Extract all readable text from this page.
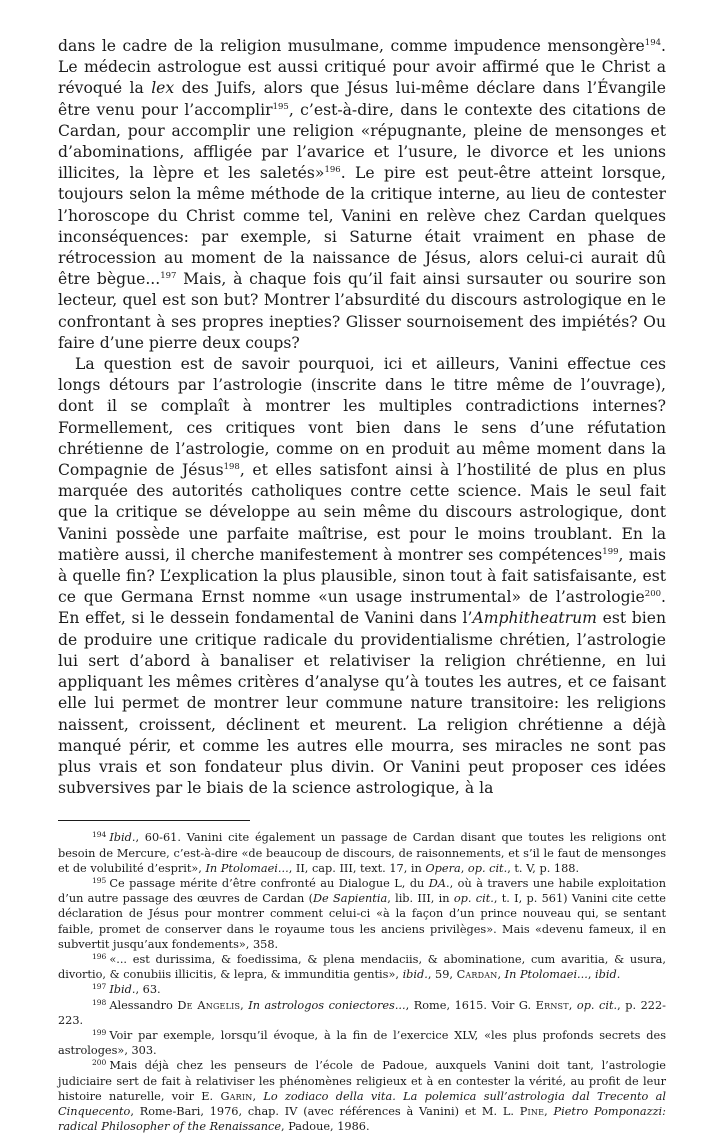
dans le cadre de la religion musulmane, comme impudence mensongère$^{194}$. Le médecin astrologue est aussi critiqué pour avoir affirmé que le Christ a révoqué la lex des Juifs, alors que Jésus lui-même déclare dans l’Évangile être venu pour l’accomplir$^{195}$, c’est-à-dire, dans le contexte des citations de Cardan, pour accomplir une religion «répugnante, pleine de mensonges et d’abominations, affligée par l’avarice et l’usure, le divorce et les unions illicites, la lèpre et les saletés»$^{196}$. Le pire est peut-être atteint lorsque, toujours selon la même méthode de la critique interne, au lieu de contester l’horoscope du Christ comme tel, Vanini en relève chez Cardan quelques inconséquences: par exemple, si Saturne était vraiment en phase de rétrocession au moment de la naissance de Jésus, alors celui-ci aurait dû être bègue...$^{197}$ Mais, à chaque fois qu’il fait ainsi sursauter ou sourire son lecteur, quel est son but? Montrer l’absurdité du discours astrologique en le confrontant à ses propres inepties? Glisser sournoisement des impiétés? Ou faire d’une pierre deux coups?

La question est de savoir pourquoi, ici et ailleurs, Vanini effectue ces longs détours par l’astrologie (inscrite dans le titre même de l’ouvrage), dont il se complaît à montrer les multiples contradictions internes? Formellement, ces critiques vont bien dans le sens d’une réfutation chrétienne de l’astrologie, comme on en produit au même moment dans la Compagnie de Jésus$^{198}$, et elles satisfont ainsi à l’hostilité de plus en plus marquée des autorités catholiques contre cette science. Mais le seul fait que la critique se développe au sein même du discours astrologique, dont Vanini possède une parfaite maîtrise, est pour le moins troublant. En la matière aussi, il cherche manifestement à montrer ses compétences$^{199}$, mais à quelle fin? L’explication la plus plausible, sinon tout à fait satisfaisante, est ce que Germana Ernst nomme «un usage instrumental» de l’astrologie$^{200}$. En effet, si le dessein fondamental de Vanini dans l’Amphitheatrum est bien de produire une critique radicale du providentialisme chrétien, l’astrologie lui sert d’abord à banaliser et relativiser la religion chrétienne, en lui appliquant les mêmes critères d’analyse qu’à toutes les autres, et ce faisant elle lui permet de montrer leur commune nature transitoire: les religions naissent, croissent, déclinent et meurent. La religion chrétienne a déjà manqué périr, et comme les autres elle mourra, ses miracles ne sont pas plus vrais et son fondateur plus divin. Or Vanini peut proposer ces idées subversives par le biais de la science astrologique, à la

$^{194}$ Ibid., 60-61. Vanini cite également un passage de Cardan disant que toutes les religions ont besoin de Mercure, c’est-à-dire «de beaucoup de discours, de raisonnements, et s’il le faut de mensonges et de volubilité d’esprit», In Ptolomaei..., II, cap. III, text. 17, in Opera, op. cit., t. V, p. 188.

$^{195}$ Ce passage mérite d’être confronté au Dialogue L, du DA., où à travers une habile exploitation d’un autre passage des œuvres de Cardan (De Sapientia, lib. III, in op. cit., t. I, p. 561) Vanini cite cette déclaration de Jésus pour montrer comment celui-ci «à la façon d’un prince nouveau qui, se sentant faible, promet de conserver dans le royaume tous les anciens privilèges». Mais «devenu fameux, il en subvertit jusqu’aux fondements», 358.

$^{196}$ «... est durissima, & foedissima, & plena mendaciis, & abominatione, cum avaritia, & usura, divortio, & conubiis illicitis, & lepra, & immunditia gentis», ibid., 59, Cardan, In Ptolomaei..., ibid.

$^{197}$ Ibid., 63.

$^{198}$ Alessandro De Angelis, In astrologos coniectores..., Rome, 1615. Voir G. Ernst, op. cit., p. 222-223.

$^{199}$ Voir par exemple, lorsqu’il évoque, à la fin de l’exercice XLV, «les plus profonds secrets des astrologes», 303.

$^{200}$ Mais déjà chez les penseurs de l’école de Padoue, auxquels Vanini doit tant, l’astrologie judiciaire sert de fait à relativiser les phénomènes religieux et à en contester la vérité, au profit de leur histoire naturelle, voir E. Garin, Lo zodiaco della vita. La polemica sull’astrologia dal Trecento al Cinquecento, Rome-Bari, 1976, chap. IV (avec références à Vanini) et M. L. Pine, Pietro Pomponazzi: radical Philosopher of the Renaissance, Padoue, 1986.
